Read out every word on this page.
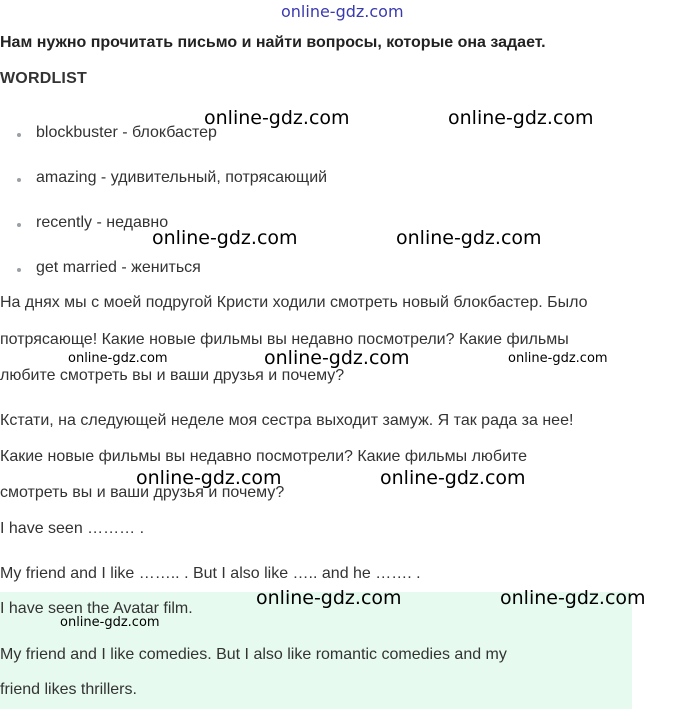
online-gdz.com
Нам нужно прочитать письмо и найти вопросы, которые она задает.
WORDLIST
blockbuster - блокбастер
amazing - удивительный, потрясающий
recently - недавно
get married - жениться
На днях мы с моей подругой Кристи ходили смотреть новый блокбастер. Было
потрясающе! Какие новые фильмы вы недавно посмотрели? Какие фильмы
любите смотреть вы и ваши друзья и почему?
Кстати, на следующей неделе моя сестра выходит замуж. Я так рада за нее!
Какие новые фильмы вы недавно посмотрели? Какие фильмы любите
смотреть вы и ваши друзья и почему?
I have seen ……… .
My friend and I like …….. . But I also like ….. and he ……. .
I have seen the Avatar film.
My friend and I like comedies. But I also like romantic comedies and my
friend likes thrillers.
online-gdz.com	online-gdz.com
online-gdz.com	online-gdz.com
online-gdz.com	online-gdz.com	online-gdz.com
online-gdz.com	online-gdz.com
online-gdz.com	online-gdz.com
online-gdz.com
